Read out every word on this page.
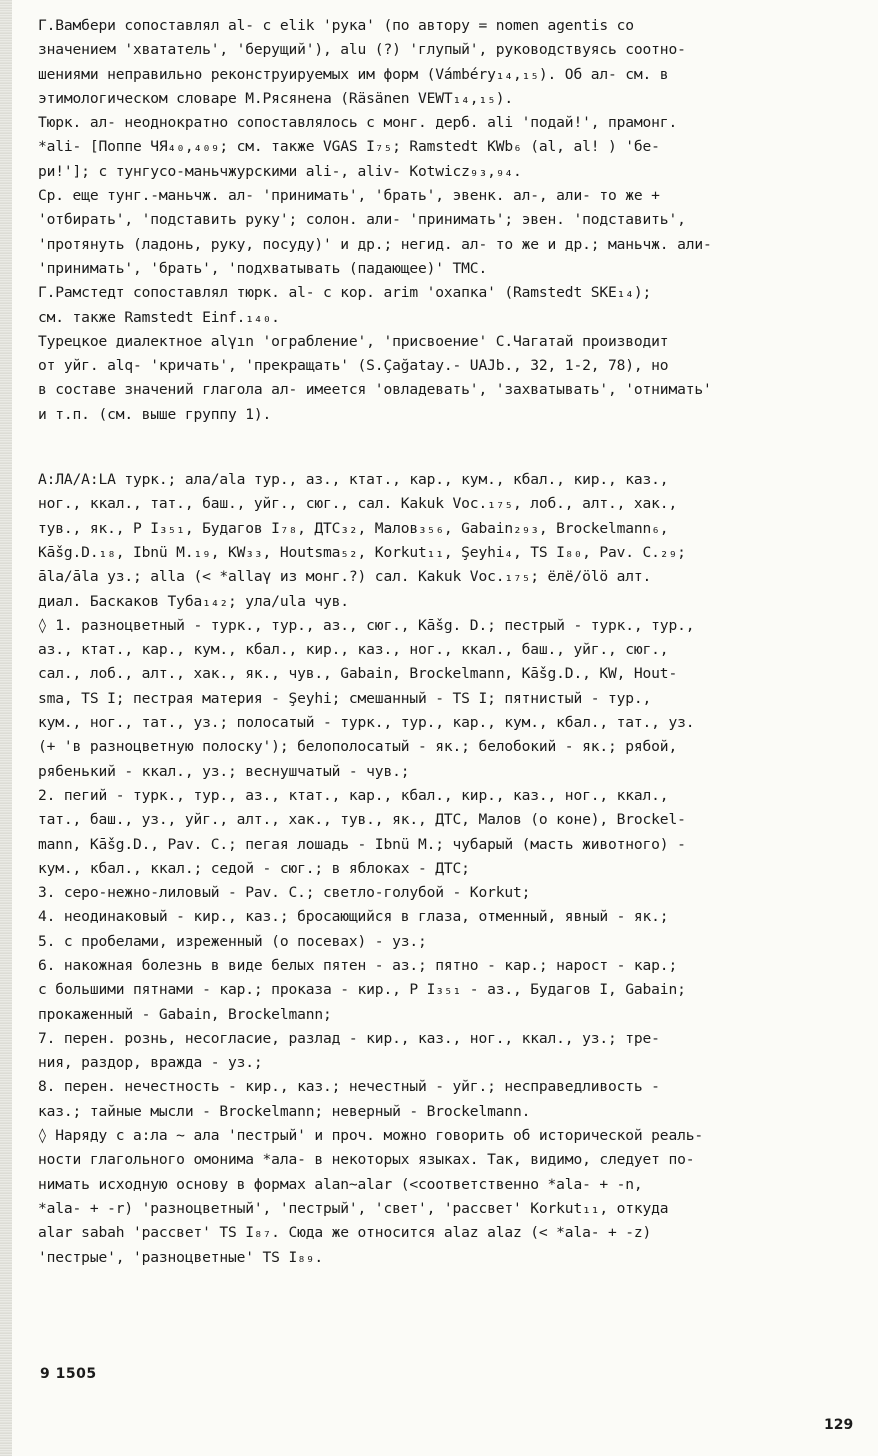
Г.Вамбери сопоставлял al- с elik 'рука' (по автору = nomen agentis со
значением 'хвататель', 'берущий'), alu (?) 'глупый', руководствуясь соотно-
шениями неправильно реконструируемых им форм (Vámbéry₁₄,₁₅). Об ал- см. в
этимологическом словаре М.Рясянена (Räsänen VEWT₁₄,₁₅).
Тюрк. ал- неоднократно сопоставлялось с монг. дерб. ali 'подай!', прамонг.
*ali- [Поппе ЧЯ₄₀,₄₀₉; см. также VGAS I₇₅; Ramstedt KWb₆ (al, al! ) 'бе-
ри!']; с тунгусо-маньчжурскими ali-, aliv- Kotwicz₉₃,₉₄.
Ср. еще тунг.-маньчж. ал- 'принимать', 'брать', эвенк. ал-, али- то же +
'отбирать', 'подставить руку'; солон. али- 'принимать'; эвен. 'подставить',
'протянуть (ладонь, руку, посуду)' и др.; негид. ал- то же и др.; маньчж. али-
'принимать', 'брать', 'подхватывать (падающее)' ТМС.
Г.Рамстедт сопоставлял тюрк. al- с кор. arim 'охапка' (Ramstedt SKE₁₄);
см. также Ramstedt Einf.₁₄₀.
Турецкое диалектное alγın 'ограбление', 'присвоение' С.Чагатай производит
от уйг. alq- 'кричать', 'прекращать' (S.Çağatay.- UAJb., 32, 1-2, 78), но
в составе значений глагола ал- имеется 'овладевать', 'захватывать', 'отнимать'
и т.п. (см. выше группу 1).
A:ЛА/A:LA турк.; ала/ala тур., аз., ктат., кар., кум., кбал., кир., каз.,
ног., ккал., тат., баш., уйг., сюг., сал. Kakuk Voc.₁₇₅, лоб., алт., хак.,
тув., як., Р I₃₅₁, Будагов I₇₈, ДТС₃₂, Малов₃₅₆, Gabain₂₉₃, Brockelmann₆,
Kāšg.D.₁₈, Ibnü M.₁₉, KW₃₃, Houtsma₅₂, Korkut₁₁, Şeyhi₄, TS I₈₀, Pav. C.₂₉;
āla/āla уз.; alla (< *allaγ из монг.?) сал. Kakuk Voc.₁₇₅; ёлё/ölö алт.
диал. Баскаков Туба₁₄₂; ула/ula чув.
◊ 1. разноцветный - турк., тур., аз., сюг., Kāšg. D.; пестрый - турк., тур.,
аз., ктат., кар., кум., кбал., кир., каз., ног., ккал., баш., уйг., сюг.,
сал., лоб., алт., хак., як., чув., Gabain, Brockelmann, Kāšg.D., KW, Hout-
sma, TS I; пестрая материя - Şeyhi; смешанный - TS I; пятнистый - тур.,
кум., ног., тат., уз.; полосатый - турк., тур., кар., кум., кбал., тат., уз.
(+ 'в разноцветную полоску'); белополосатый - як.; белобокий - як.; рябой,
рябенький - ккал., уз.; веснушчатый - чув.;
2. пегий - турк., тур., аз., ктат., кар., кбал., кир., каз., ног., ккал.,
тат., баш., уз., уйг., алт., хак., тув., як., ДТС, Малов (о коне), Brockel-
mann, Kāšg.D., Pav. C.; пегая лошадь - Ibnü M.; чубарый (масть животного) -
кум., кбал., ккал.; седой - сюг.; в яблоках - ДТС;
3. серо-нежно-лиловый - Pav. C.; светло-голубой - Korkut;
4. неодинаковый - кир., каз.; бросающийся в глаза, отменный, явный - як.;
5. с пробелами, изреженный (о посевах) - уз.;
6. накожная болезнь в виде белых пятен - аз.; пятно - кар.; нарост - кар.;
с большими пятнами - кар.; проказа - кир., Р I₃₅₁ - аз., Будагов I, Gabain;
прокаженный - Gabain, Brockelmann;
7. перен. рознь, несогласие, разлад - кир., каз., ног., ккал., уз.; тре-
ния, раздор, вражда - уз.;
8. перен. нечестность - кир., каз.; нечестный - уйг.; несправедливость -
каз.; тайные мысли - Brockelmann; неверный - Brockelmann.
◊ Наряду с а:ла ~ ала 'пестрый' и проч. можно говорить об исторической реаль-
ности глагольного омонима *ала- в некоторых языках. Так, видимо, следует по-
нимать исходную основу в формах alan~alar (<соответственно *ala- + -n,
*ala- + -r) 'разноцветный', 'пестрый', 'свет', 'рассвет' Korkut₁₁, откуда
alar sabah 'рассвет' TS I₈₇. Сюда же относится alaz alaz (< *ala- + -z)
'пестрые', 'разноцветные' TS I₈₉.
9 1505
129
